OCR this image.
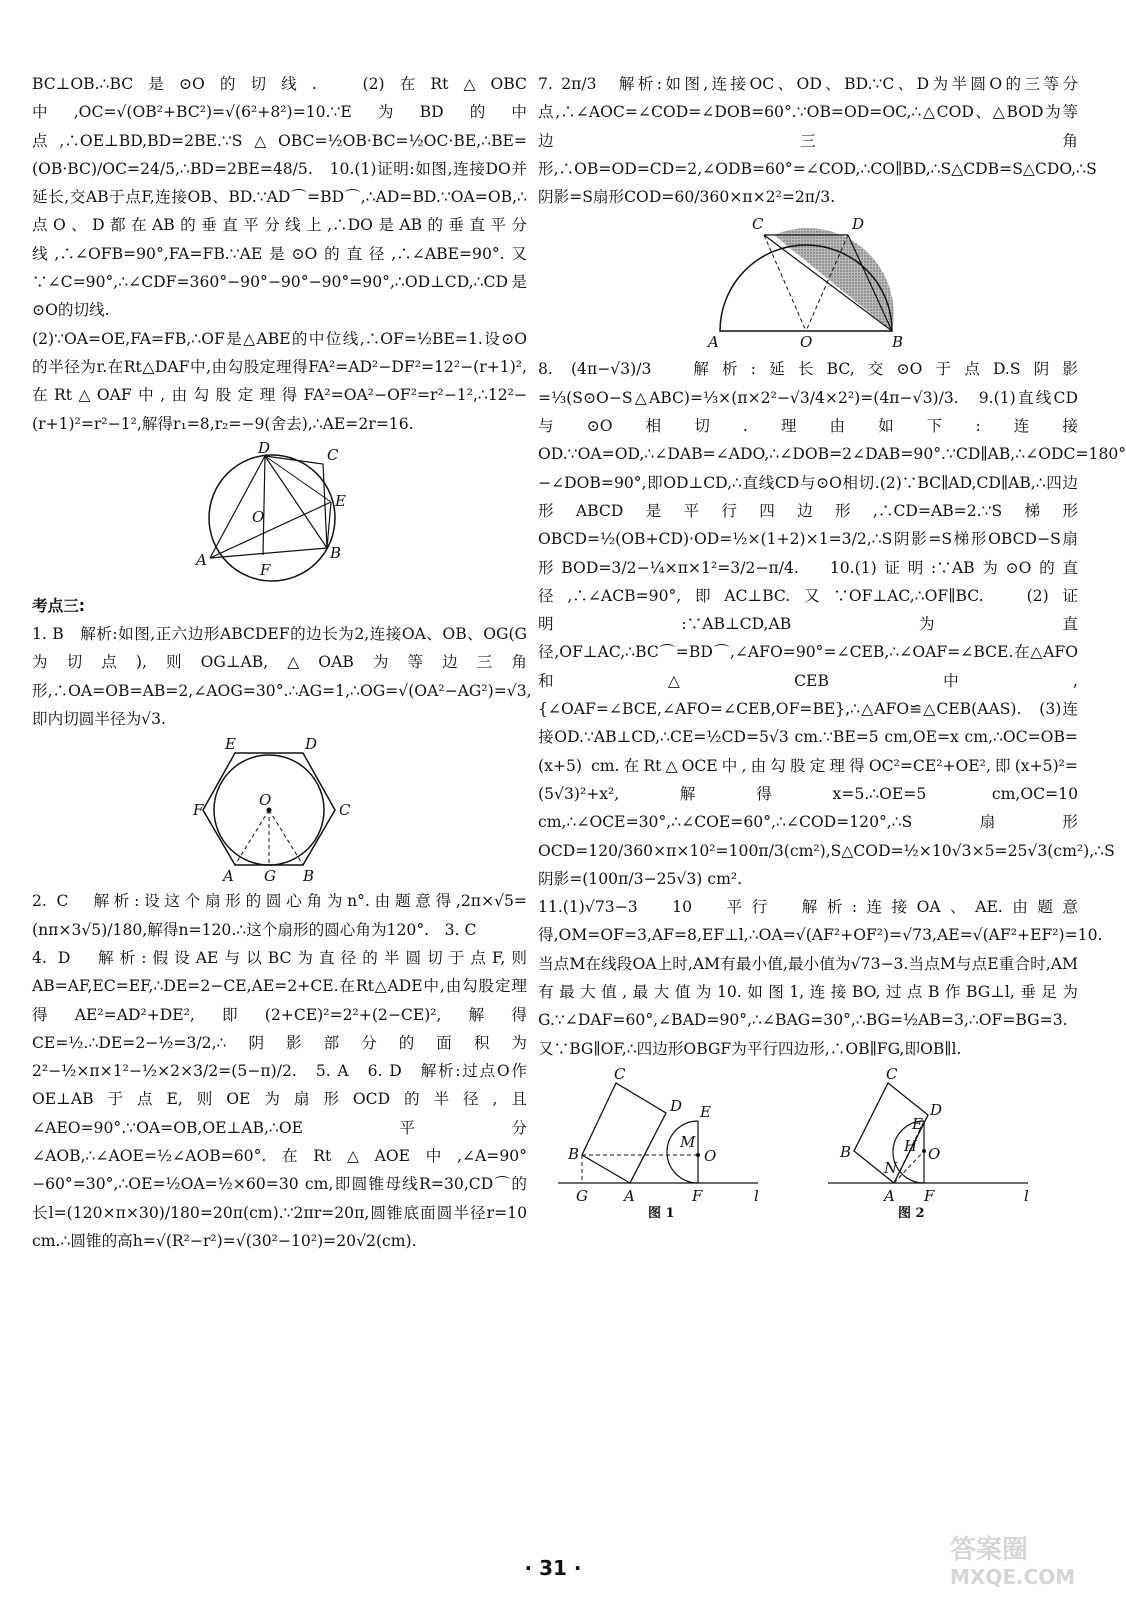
BC⊥OB.∴BC是⊙O的切线.　(2)在Rt△OBC中,OC=√(OB²+BC²)=√(6²+8²)=10.∵E为BD的中点,∴OE⊥BD,BD=2BE.∵S△OBC=½OB·BC=½OC·BE,∴BE=(OB·BC)/OC=24/5,∴BD=2BE=48/5.　10.(1)证明:如图,连接DO并延长,交AB于点F,连接OB、BD.∵AD⌒=BD⌒,∴AD=BD.∵OA=OB,∴点O、D都在AB的垂直平分线上,∴DO是AB的垂直平分线,∴∠OFB=90°,FA=FB.∵AE是⊙O的直径,∴∠ABE=90°.又∵∠C=90°,∴∠CDF=360°−90°−90°−90°=90°,∴OD⊥CD,∴CD是⊙O的切线.

(2)∵OA=OE,FA=FB,∴OF是△ABE的中位线,∴OF=½BE=1.设⊙O的半径为r.在Rt△DAF中,由勾股定理得FA²=AD²−DF²=12²−(r+1)²,在Rt△OAF中,由勾股定理得FA²=OA²−OF²=r²−1²,∴12²−(r+1)²=r²−1²,解得r₁=8,r₂=−9(舍去),∴AE=2r=16.

D	C
E
O
A
F
B

考点三:

1. B　解析:如图,正六边形ABCDEF的边长为2,连接OA、OB、OG(G为切点),则OG⊥AB,△OAB为等边三角形,∴OA=OB=AB=2,∠AOG=30°.∴AG=1,∴OG=√(OA²−AG²)=√3,即内切圆半径为√3.

E	D
F
O
C
A G B

2. C　解析:设这个扇形的圆心角为n°.由题意得,2π×√5=(nπ×3√5)/180,解得n=120.∴这个扇形的圆心角为120°.　3. C

4. D　解析:假设AE与以BC为直径的半圆切于点F,则AB=AF,EC=EF,∴DE=2−CE,AE=2+CE.在Rt△ADE中,由勾股定理得AE²=AD²+DE²,即(2+CE)²=2²+(2−CE)²,解得CE=½.∴DE=2−½=3/2,∴阴影部分的面积为2²−½×π×1²−½×2×3/2=(5−π)/2.　5. A　6. D　解析:过点O作OE⊥AB于点E,则OE为扇形OCD的半径,且∠AEO=90°.∵OA=OB,OE⊥AB,∴OE平分∠AOB,∴∠AOE=½∠AOB=60°.在Rt△AOE中,∠A=90°−60°=30°,∴OE=½OA=½×60=30 cm,即圆锥母线R=30,CD⌒的长l=(120×π×30)/180=20π(cm).∵2πr=20π,圆锥底面圆半径r=10 cm.∴圆锥的高h=√(R²−r²)=√(30²−10²)=20√2(cm).

7. 2π/3　解析:如图,连接OC、OD、BD.∵C、D为半圆O的三等分点,∴∠AOC=∠COD=∠DOB=60°.∵OB=OD=OC,∴△COD、△BOD为等边三角形,∴OB=OD=CD=2,∠ODB=60°=∠COD,∴CO∥BD,∴S△CDB=S△CDO,∴S阴影=S扇形COD=60/360×π×2²=2π/3.

C	D
A	O	B

8. (4π−√3)/3　解析:延长BC,交⊙O于点D.S阴影=⅓(S⊙O−S△ABC)=⅓×(π×2²−√3/4×2²)=(4π−√3)/3.　9.(1)直线CD与⊙O相切.理由如下:连接OD.∵OA=OD,∴∠DAB=∠ADO,∴∠DOB=2∠DAB=90°.∵CD∥AB,∴∠ODC=180°−∠DOB=90°,即OD⊥CD,∴直线CD与⊙O相切.(2)∵BC∥AD,CD∥AB,∴四边形ABCD是平行四边形,∴CD=AB=2.∵S梯形OBCD=½(OB+CD)·OD=½×(1+2)×1=3/2,∴S阴影=S梯形OBCD−S扇形BOD=3/2−¼×π×1²=3/2−π/4.　10.(1)证明:∵AB为⊙O的直径,∴∠ACB=90°,即AC⊥BC.又∵OF⊥AC,∴OF∥BC.　(2)证明:∵AB⊥CD,AB为直径,OF⊥AC,∴BC⌒=BD⌒,∠AFO=90°=∠CEB,∴∠OAF=∠BCE.在△AFO和△CEB中,{∠OAF=∠BCE,∠AFO=∠CEB,OF=BE},∴△AFO≌△CEB(AAS).　(3)连接OD.∵AB⊥CD,∴CE=½CD=5√3 cm.∵BE=5 cm,OE=x cm,∴OC=OB=(x+5) cm.在Rt△OCE中,由勾股定理得OC²=CE²+OE²,即(x+5)²=(5√3)²+x²,解得x=5.∴OE=5 cm,OC=10 cm,∴∠OCE=30°,∴∠COE=60°,∴∠COD=120°,∴S扇形OCD=120/360×π×10²=100π/3(cm²),S△COD=½×10√3×5=25√3(cm²),∴S阴影=(100π/3−25√3) cm².

11.(1)√73−3　10　平行　解析:连接OA、AE.由题意得,OM=OF=3,AF=8,EF⊥l,∴OA=√(AF²+OF²)=√73,AE=√(AF²+EF²)=10.当点M在线段OA上时,AM有最小值,最小值为√73−3.当点M与点E重合时,AM有最大值,最大值为10.如图1,连接BO,过点B作BG⊥l,垂足为G.∵∠DAF=60°,∠BAD=90°,∴∠BAG=30°,∴BG=½AB=3,∴OF=BG=3.又∵BG∥OF,∴四边形OBGF为平行四边形,∴OB∥FG,即OB∥l.

C
D E
M
B	O
G A	F	l
图 1
C
D
E
H O
B
N
A F	l
图 2
· 31 ·
答案圈
MXQE.COM
